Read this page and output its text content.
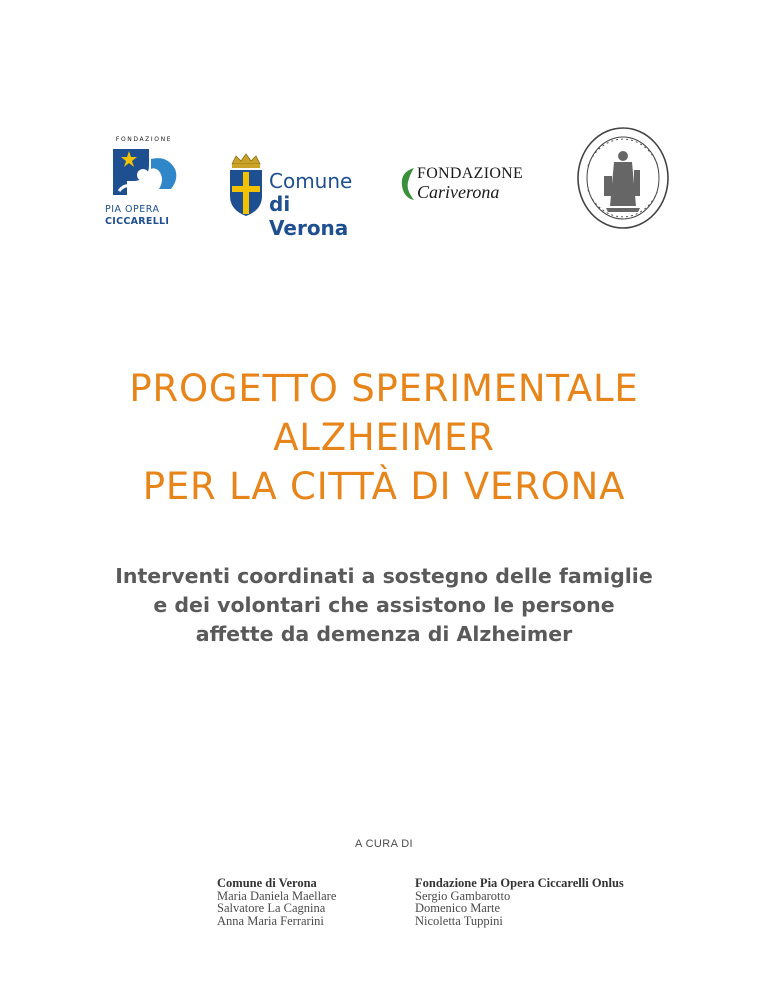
FONDAZIONE
PIA OPERA
CICCARELLI
Comune
di Verona
FONDAZIONE
Cariverona
PROGETTO SPERIMENTALE
ALZHEIMER
PER LA CITTÀ DI VERONA
Interventi coordinati a sostegno delle famiglie
e dei volontari che assistono le persone
affette da demenza di Alzheimer
A CURA DI
Comune di Verona
Maria Daniela Maellare
Salvatore La Cagnina
Anna Maria Ferrarini
Fondazione Pia Opera Ciccarelli Onlus
Sergio Gambarotto
Domenico Marte
Nicoletta Tuppini
